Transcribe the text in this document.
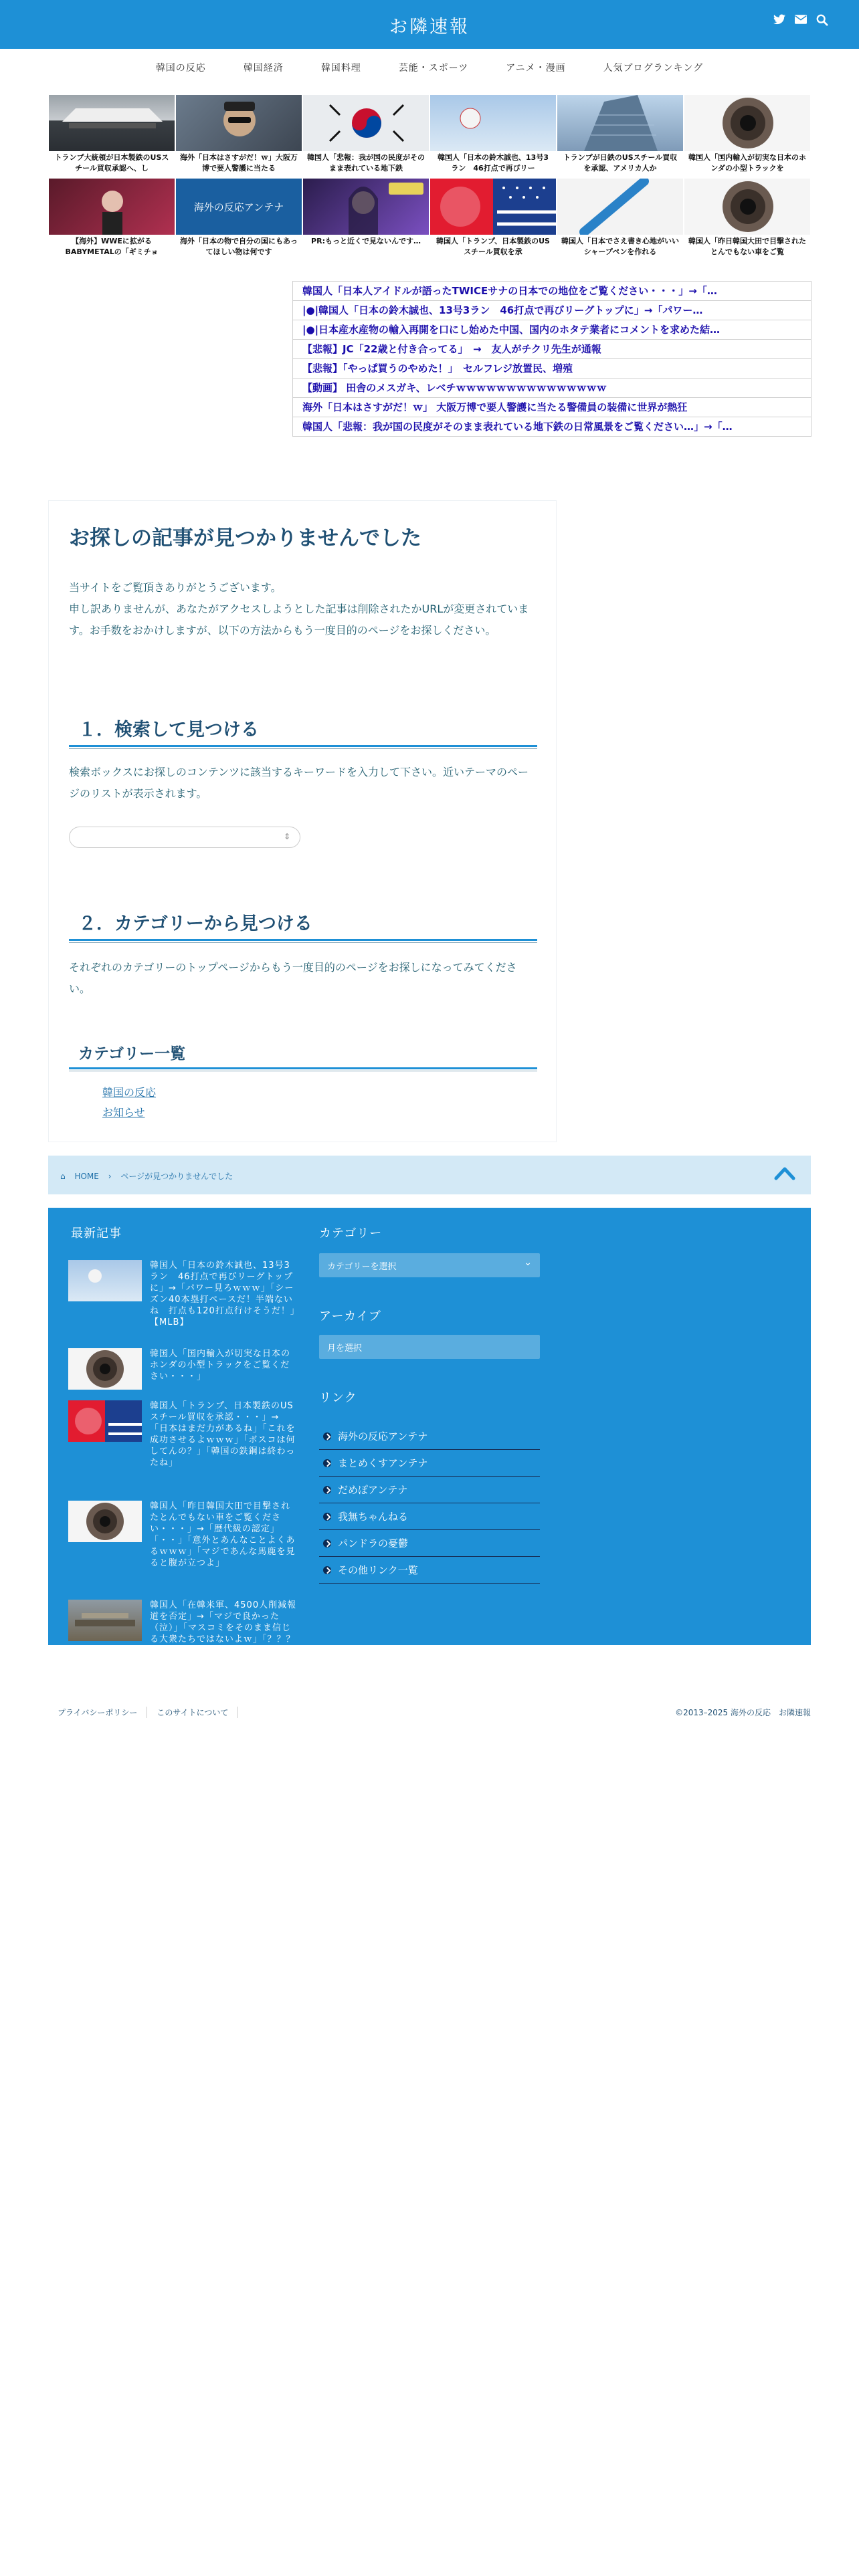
お隣速報
韓国の反応	韓国経済	韓国料理	芸能・スポーツ	アニメ・漫画	人気ブログランキング
トランプ大統領が日本製鉄のUSスチール買収承認へ、し
海外「日本はさすがだ！ｗ」大阪万博で要人警護に当たる
韓国人「悲報：我が国の民度がそのまま表れている地下鉄
韓国人「日本の鈴木誠也、13号3ラン　46打点で再びリー
トランプが日鉄のUSスチール買収を承認、アメリカ人か
韓国人「国内輸入が切実な日本のホンダの小型トラックを
【海外】WWEに拡がるBABYMETALの「ギミチョ
海外の反応アンテナ
海外「日本の物で自分の国にもあってほしい物は何です
PR:もっと近くで見ないんです…	韓国人「トランプ、日本製鉄のUSスチール買収を承
韓国人「日本でさえ書き心地がいいシャープペンを作れる
韓国人「昨日韓国大田で目撃されたとんでもない車をご覧
韓国人「日本人アイドルが語ったTWICEサナの日本での地位をご覧ください・・・」→「…
|●|韓国人「日本の鈴木誠也、13号3ラン　46打点で再びリーグトップに」→「パワー…
|●|日本産水産物の輸入再開を口にし始めた中国、国内のホタテ業者にコメントを求めた結…
【悲報】JC「22歳と付き合ってる」　→　友人がチクリ先生が通報
【悲報】「やっぱ買うのやめた！」　セルフレジ放置民、増殖
【動画】 田舎のメスガキ、レベチｗｗｗｗｗｗｗｗｗｗｗｗｗｗｗ
海外「日本はさすがだ！ｗ」 大阪万博で要人警護に当たる警備員の装備に世界が熱狂
韓国人「悲報：我が国の民度がそのまま表れている地下鉄の日常風景をご覧ください…」→「…
お探しの記事が見つかりませんでした

当サイトをご覧頂きありがとうございます。

申し訳ありませんが、あなたがアクセスしようとした記事は削除されたかURLが変更されています。お手数をおかけしますが、以下の方法からもう一度目的のページをお探しください。

１．検索して見つける

検索ボックスにお探しのコンテンツに該当するキーワードを入力して下さい。近いテーマのページのリストが表示されます。

⇕
２．カテゴリーから見つける

それぞれのカテゴリーのトップページからもう一度目的のページをお探しになってみてください。

カテゴリー一覧
韓国の反応
お知らせ
⌂ HOME › ページが見つかりませんでした
最新記事
韓国人「日本の鈴木誠也、13号3ラン　46打点で再びリーグトップに」→「パワー見ろｗｗｗ」「シーズン40本塁打ペースだ！半端ないね　打点も120打点行けそうだ！」【MLB】
韓国人「国内輸入が切実な日本のホンダの小型トラックをご覧ください・・・」
韓国人「トランプ、日本製鉄のUSスチール買収を承認・・・」→「日本はまだ力があるね」「これを成功させるよｗｗｗ」「ボスコは何してんの？」「韓国の鉄鋼は終わったね」
韓国人「昨日韓国大田で目撃されたとんでもない車をご覧ください・・・」→「歴代級の認定」「・・」「意外とあんなことよくあるｗｗｗ」「マジであんな馬鹿を見ると腹が立つよ」
韓国人「在韓米軍、4500人削減報道を否定」→「マジで良かった（泣）」「マスコミをそのまま信じる大衆たちではないよｗ」「？？？実は5000人です」
カテゴリー
カテゴリーを選択	⌄
アーカイブ
月を選択
リンク
海外の反応アンテナ
まとめくすアンテナ
だめぽアンテナ
我無ちゃんねる
パンドラの憂鬱
その他リンク一覧
プライバシーポリシー	このサイトについて	©2013–2025 海外の反応　お隣速報
